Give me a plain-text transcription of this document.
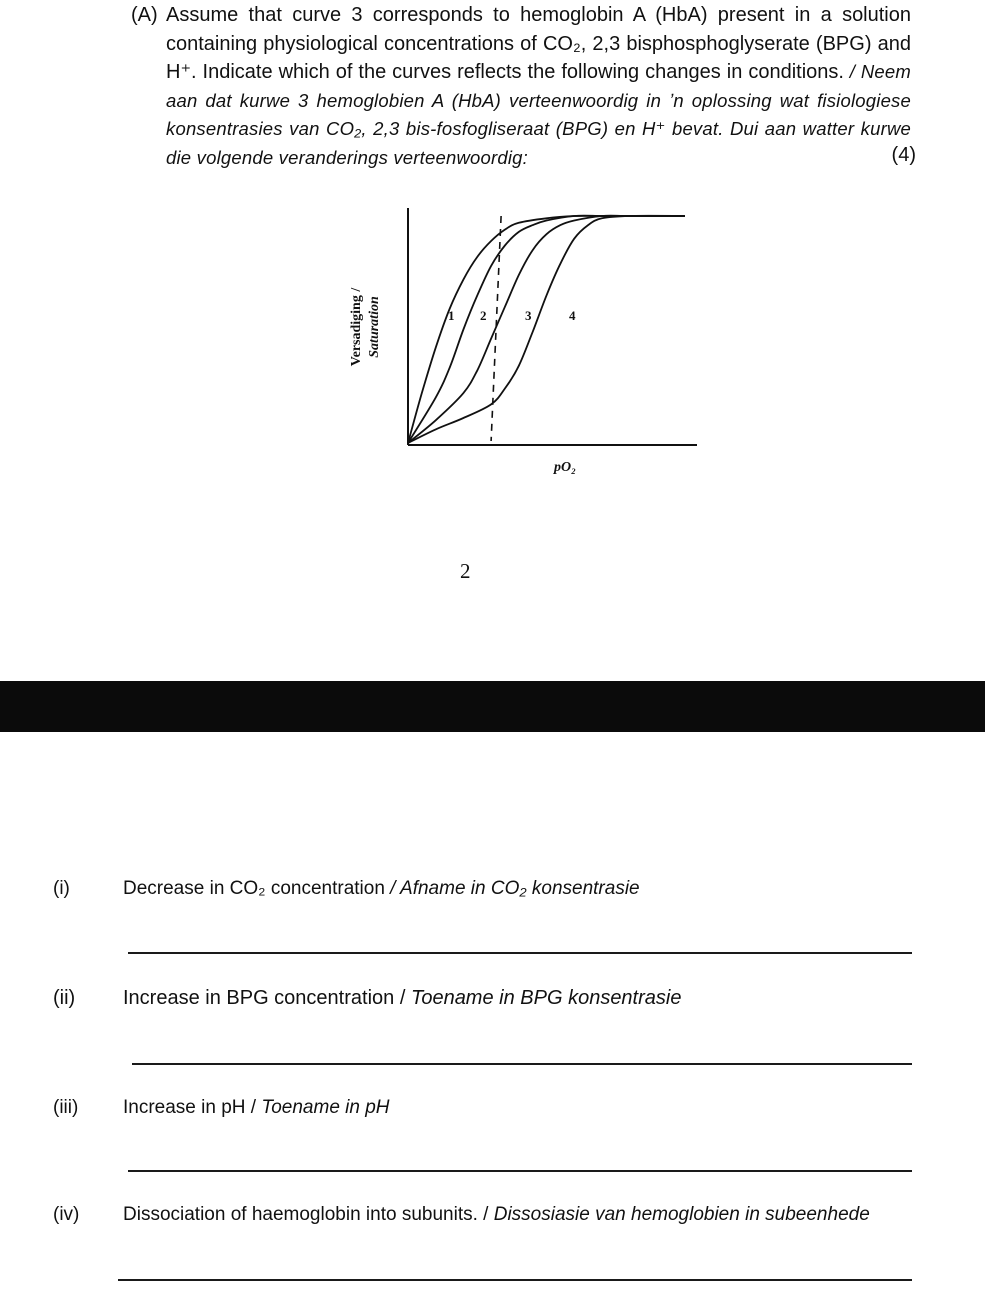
(A) Assume that curve 3 corresponds to hemoglobin A (HbA) present in a solution containing physiological concentrations of CO₂, 2,3 bisphosphoglyserate (BPG) and H⁺. Indicate which of the curves reflects the following changes in conditions. / Neem aan dat kurwe 3 hemoglobien A (HbA) verteenwoordig in ʼn oplossing wat fisiologiese konsentrasies van CO₂, 2,3 bis-fosfogliseraat (BPG) en H⁺ bevat. Dui aan watter kurwe die volgende veranderings verteenwoordig:	(4)
1 2	3	4
Versadiging / Saturation
pO₂
2
(i)	Decrease in CO₂ concentration / Afname in CO₂ konsentrasie
(ii) Increase in BPG concentration / Toename in BPG konsentrasie
(iii) Increase in pH / Toename in pH
(iv) Dissociation of haemoglobin into subunits. / Dissosiasie van hemoglobien in subeenhede
